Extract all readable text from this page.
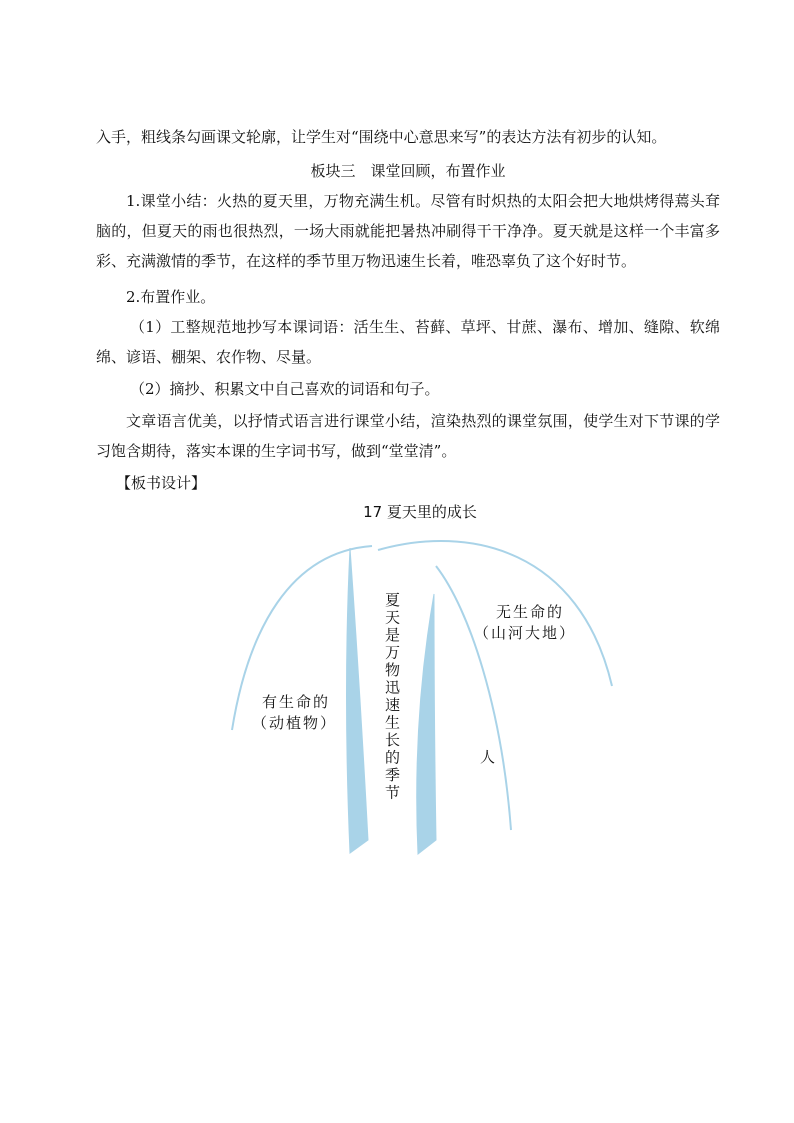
入手，粗线条勾画课文轮廓，让学生对“围绕中心意思来写”的表达方法有初步的认知。

板块三　课堂回顾，布置作业

1.课堂小结：火热的夏天里，万物充满生机。尽管有时炽热的太阳会把大地烘烤得蔫头耷脑的，但夏天的雨也很热烈，一场大雨就能把暑热冲刷得干干净净。夏天就是这样一个丰富多彩、充满激情的季节，在这样的季节里万物迅速生长着，唯恐辜负了这个好时节。

2.布置作业。

（1）工整规范地抄写本课词语：活生生、苔藓、草坪、甘蔗、瀑布、增加、缝隙、软绵绵、谚语、棚架、农作物、尽量。

（2）摘抄、积累文中自己喜欢的词语和句子。

文章语言优美，以抒情式语言进行课堂小结，渲染热烈的课堂氛围，使学生对下节课的学习饱含期待，落实本课的生字词书写，做到“堂堂清”。

【板书设计】

17 夏天里的成长
有生命的
（动植物）
无生命的
（山河大地）
夏天是万物迅速生长的季节	人
